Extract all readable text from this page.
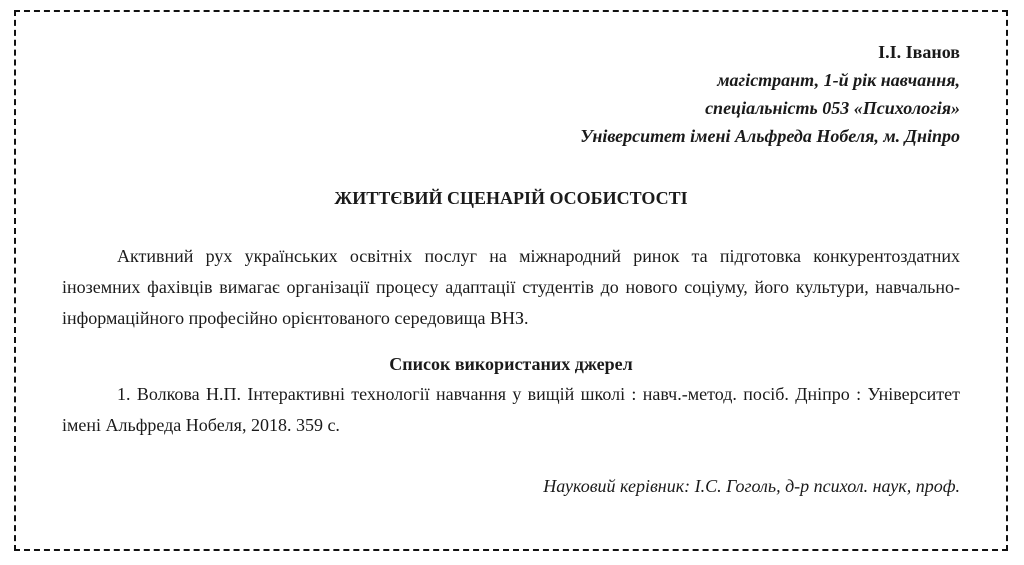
І.І. Іванов
магістрант, 1-й рік навчання,
спеціальність 053 «Психологія»
Університет імені Альфреда Нобеля, м. Дніпро
ЖИТТЄВИЙ СЦЕНАРІЙ ОСОБИСТОСТІ

Активний рух українських освітніх послуг на міжнародний ринок та підготовка конкурентоздатних іноземних фахівців вимагає організації процесу адаптації студентів до нового соціуму, його культури, навчально-інформаційного професійно орієнтованого середовища ВНЗ.

Список використаних джерел

1. Волкова Н.П. Інтерактивні технології навчання у вищій школі : навч.-метод. посіб. Дніпро : Університет імені Альфреда Нобеля, 2018. 359 с.

Науковий керівник: І.С. Гоголь, д-р психол. наук, проф.
